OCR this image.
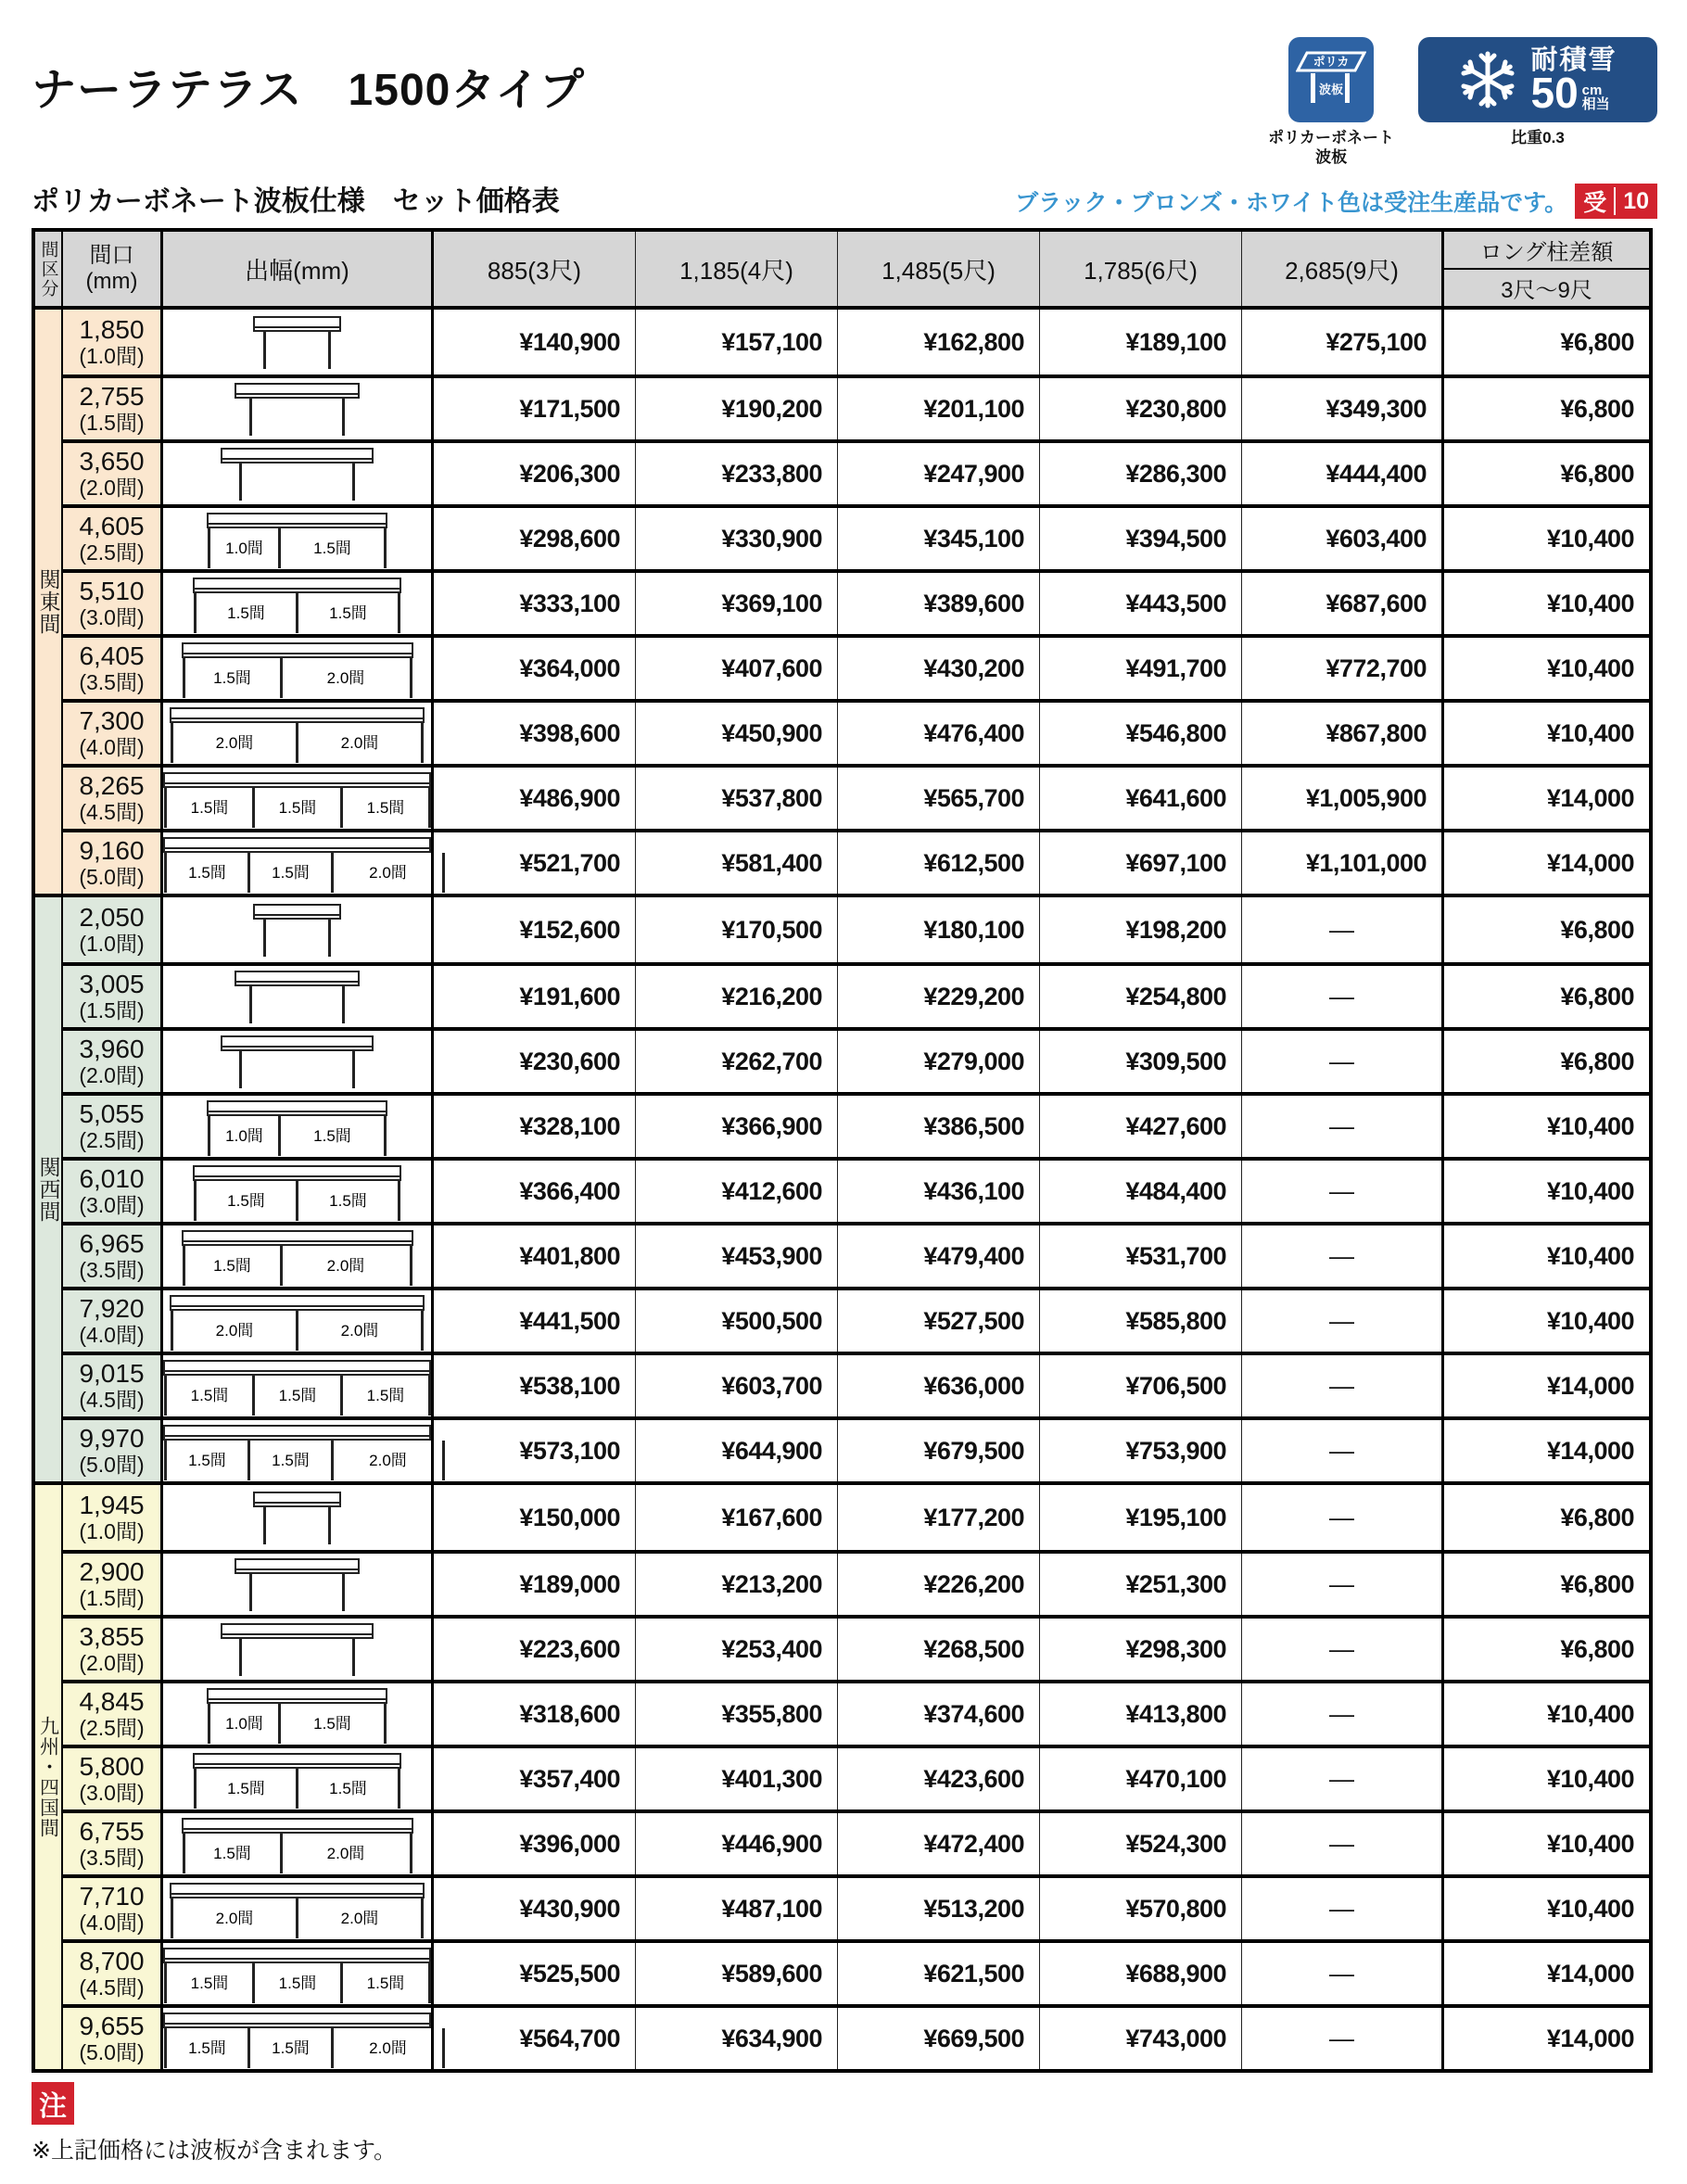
ナーラテラス　1500タイプ
ポリカ
波板
ポリカーボネート
波板
耐積雪
50 cm
相当
比重0.3
ポリカーボネート波板仕様　セット価格表	ブラック・ブロンズ・ホワイト色は受注生産品です。 受 10
間区分 間口
(mm)	出幅(mm)	885(3尺)	1,185(4尺)	1,485(5尺)	1,785(6尺)	2,685(9尺)
ロング柱差額
3尺〜9尺
関東間
1,850
(1.0間)
¥140,900	¥157,100	¥162,800	¥189,100	¥275,100	¥6,800
2,755
(1.5間)
¥171,500	¥190,200	¥201,100	¥230,800	¥349,300	¥6,800
3,650
(2.0間)
¥206,300	¥233,800	¥247,900	¥286,300	¥444,400	¥6,800
4,605
(2.5間)	1.0間	1.5間	¥298,600	¥330,900	¥345,100	¥394,500	¥603,400	¥10,400
5,510
(3.0間)	1.5間	1.5間	¥333,100	¥369,100	¥389,600	¥443,500	¥687,600	¥10,400
6,405
(3.5間)	1.5間	2.0間	¥364,000	¥407,600	¥430,200	¥491,700	¥772,700	¥10,400
7,300
(4.0間)	2.0間	2.0間	¥398,600	¥450,900	¥476,400	¥546,800	¥867,800	¥10,400
8,265
(4.5間)	1.5間	1.5間	1.5間	¥486,900	¥537,800	¥565,700	¥641,600	¥1,005,900	¥14,000
9,160
(5.0間)	1.5間	1.5間	2.0間	¥521,700	¥581,400	¥612,500	¥697,100	¥1,101,000	¥14,000
関西間
2,050
(1.0間)
¥152,600	¥170,500	¥180,100	¥198,200	—	¥6,800
3,005
(1.5間)
¥191,600	¥216,200	¥229,200	¥254,800	—	¥6,800
3,960
(2.0間)
¥230,600	¥262,700	¥279,000	¥309,500	—	¥6,800
5,055
(2.5間)	1.0間	1.5間	¥328,100	¥366,900	¥386,500	¥427,600	—	¥10,400
6,010
(3.0間)	1.5間	1.5間	¥366,400	¥412,600	¥436,100	¥484,400	—	¥10,400
6,965
(3.5間)	1.5間	2.0間	¥401,800	¥453,900	¥479,400	¥531,700	—	¥10,400
7,920
(4.0間)	2.0間	2.0間	¥441,500	¥500,500	¥527,500	¥585,800	—	¥10,400
9,015
(4.5間)	1.5間	1.5間	1.5間	¥538,100	¥603,700	¥636,000	¥706,500	—	¥14,000
9,970
(5.0間)	1.5間	1.5間	2.0間	¥573,100	¥644,900	¥679,500	¥753,900	—	¥14,000
九州・四国間
1,945
(1.0間)
¥150,000	¥167,600	¥177,200	¥195,100	—	¥6,800
2,900
(1.5間)
¥189,000	¥213,200	¥226,200	¥251,300	—	¥6,800
3,855
(2.0間)
¥223,600	¥253,400	¥268,500	¥298,300	—	¥6,800
4,845
(2.5間)	1.0間	1.5間	¥318,600	¥355,800	¥374,600	¥413,800	—	¥10,400
5,800
(3.0間)	1.5間	1.5間	¥357,400	¥401,300	¥423,600	¥470,100	—	¥10,400
6,755
(3.5間)	1.5間	2.0間	¥396,000	¥446,900	¥472,400	¥524,300	—	¥10,400
7,710
(4.0間)	2.0間	2.0間	¥430,900	¥487,100	¥513,200	¥570,800	—	¥10,400
8,700
(4.5間)	1.5間	1.5間	1.5間	¥525,500	¥589,600	¥621,500	¥688,900	—	¥14,000
9,655
(5.0間)	1.5間	1.5間	2.0間	¥564,700	¥634,900	¥669,500	¥743,000	—	¥14,000
注
※上記価格には波板が含まれます。
